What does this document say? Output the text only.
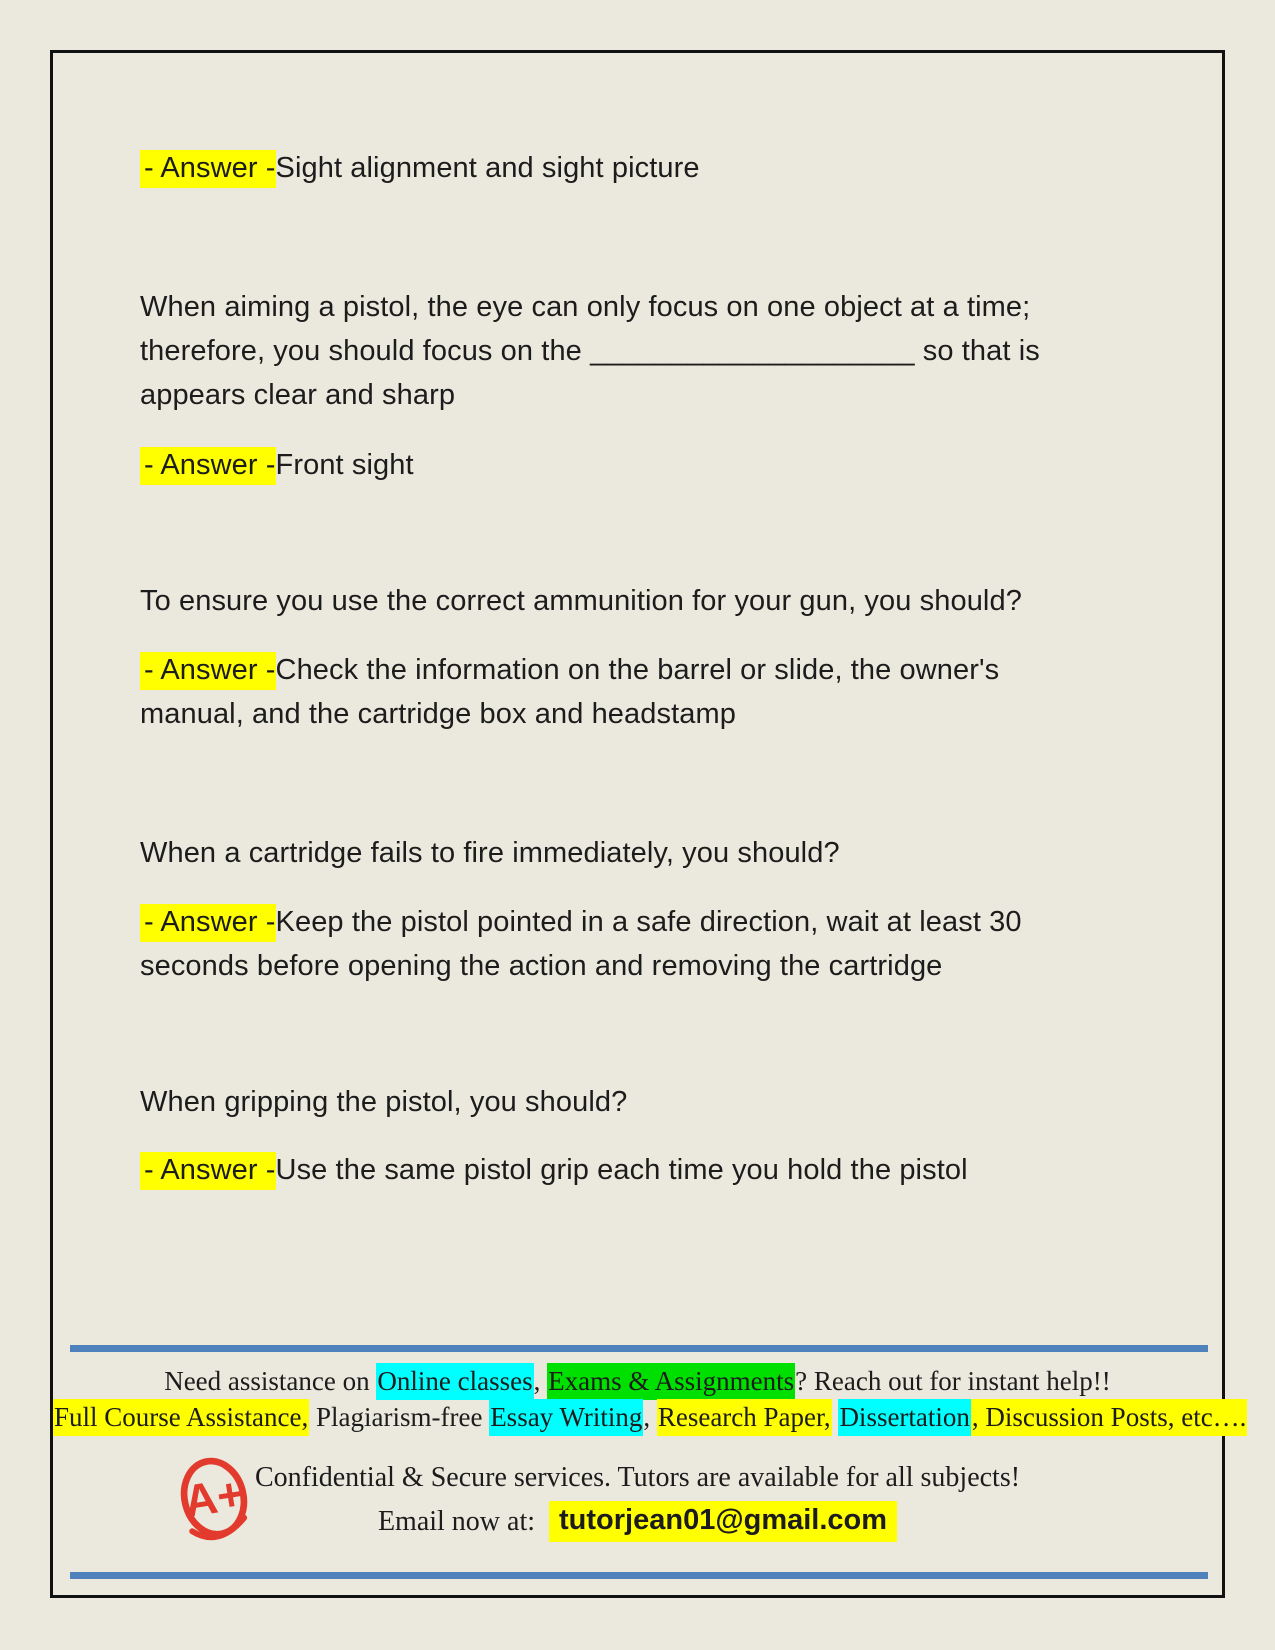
- Answer -Sight alignment and sight picture
When aiming a pistol, the eye can only focus on one object at a time;
therefore, you should focus on the ____________________ so that is
appears clear and sharp
- Answer -Front sight
To ensure you use the correct ammunition for your gun, you should?
- Answer -Check the information on the barrel or slide, the owner's
manual, and the cartridge box and headstamp
When a cartridge fails to fire immediately, you should?
- Answer -Keep the pistol pointed in a safe direction, wait at least 30
seconds before opening the action and removing the cartridge
When gripping the pistol, you should?
- Answer -Use the same pistol grip each time you hold the pistol
Need assistance on Online classes, Exams & Assignments? Reach out for instant help!!
Full Course Assistance, Plagiarism-free Essay Writing, Research Paper, Dissertation, Discussion Posts, etc….
A+ Confidential & Secure services. Tutors are available for all subjects!
Email now at: tutorjean01@gmail.com
